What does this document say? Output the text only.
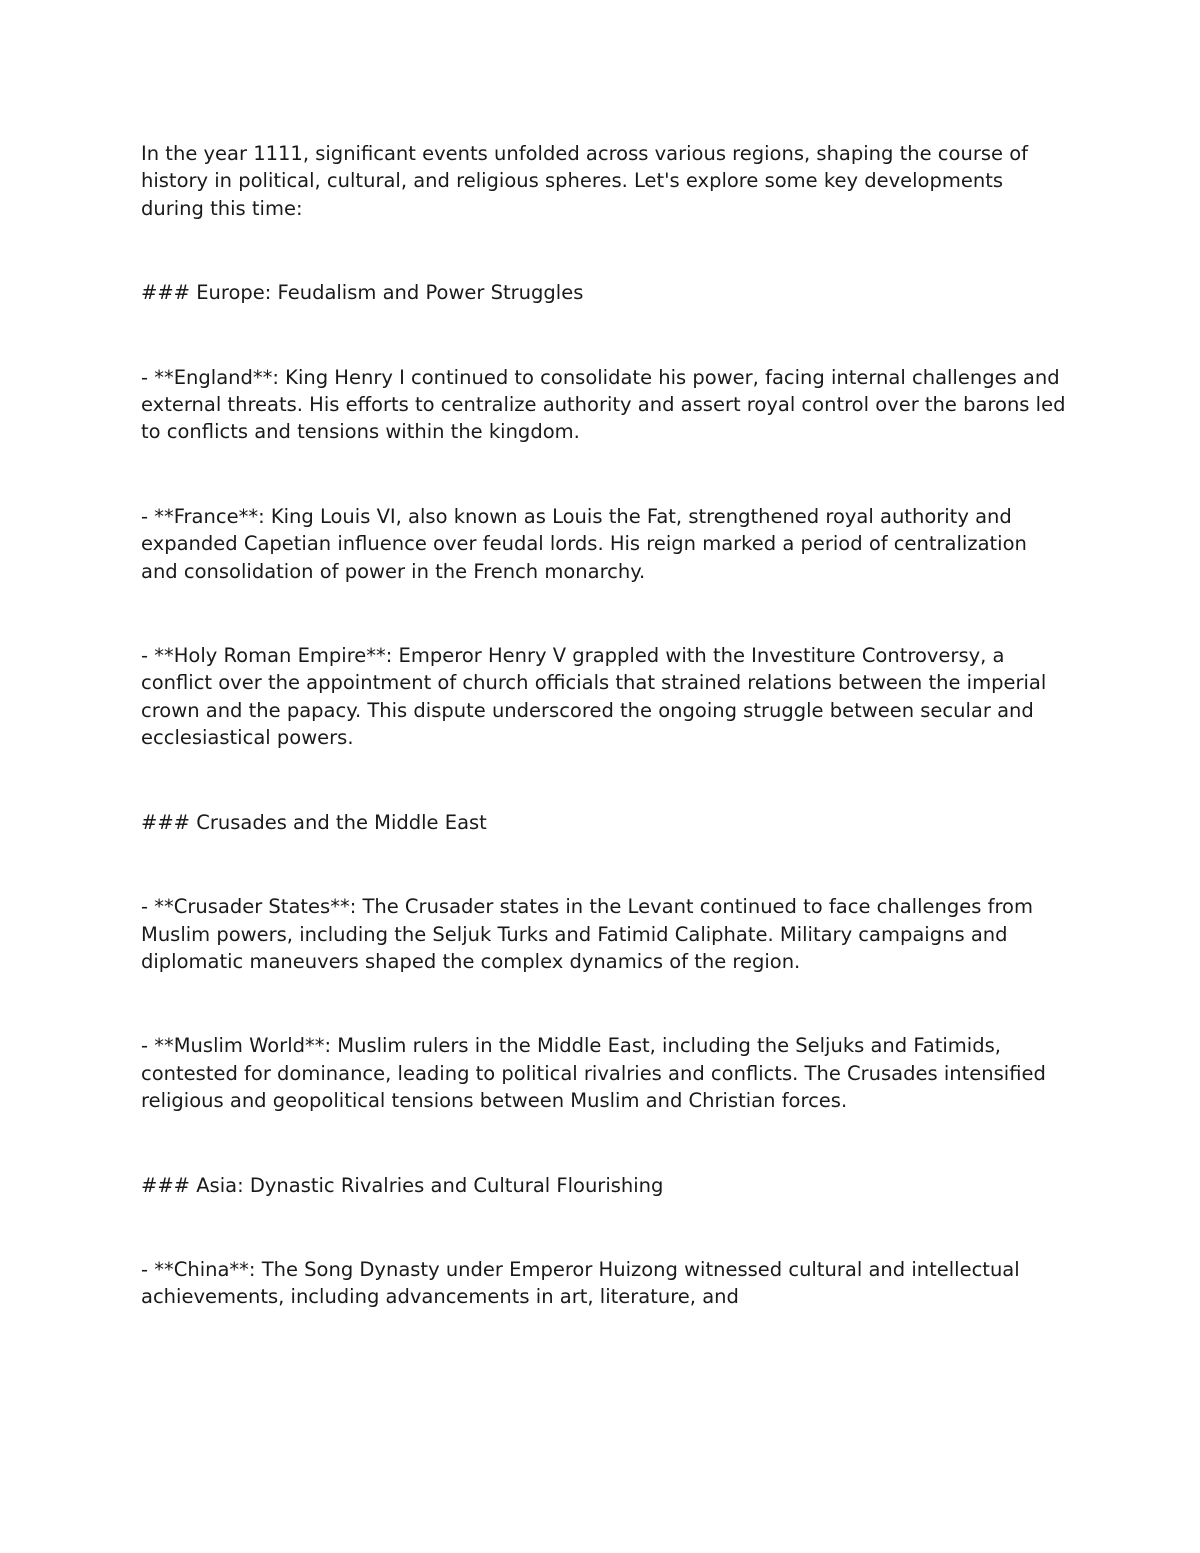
In the year 1111, significant events unfolded across various regions, shaping the course of history in political, cultural, and religious spheres. Let's explore some key developments during this time:

### Europe: Feudalism and Power Struggles

- **England**: King Henry I continued to consolidate his power, facing internal challenges and external threats. His efforts to centralize authority and assert royal control over the barons led to conflicts and tensions within the kingdom.

- **France**: King Louis VI, also known as Louis the Fat, strengthened royal authority and expanded Capetian influence over feudal lords. His reign marked a period of centralization and consolidation of power in the French monarchy.

- **Holy Roman Empire**: Emperor Henry V grappled with the Investiture Controversy, a conflict over the appointment of church officials that strained relations between the imperial crown and the papacy. This dispute underscored the ongoing struggle between secular and ecclesiastical powers.

### Crusades and the Middle East

- **Crusader States**: The Crusader states in the Levant continued to face challenges from Muslim powers, including the Seljuk Turks and Fatimid Caliphate. Military campaigns and diplomatic maneuvers shaped the complex dynamics of the region.

- **Muslim World**: Muslim rulers in the Middle East, including the Seljuks and Fatimids, contested for dominance, leading to political rivalries and conflicts. The Crusades intensified religious and geopolitical tensions between Muslim and Christian forces.

### Asia: Dynastic Rivalries and Cultural Flourishing

- **China**: The Song Dynasty under Emperor Huizong witnessed cultural and intellectual achievements, including advancements in art, literature, and
